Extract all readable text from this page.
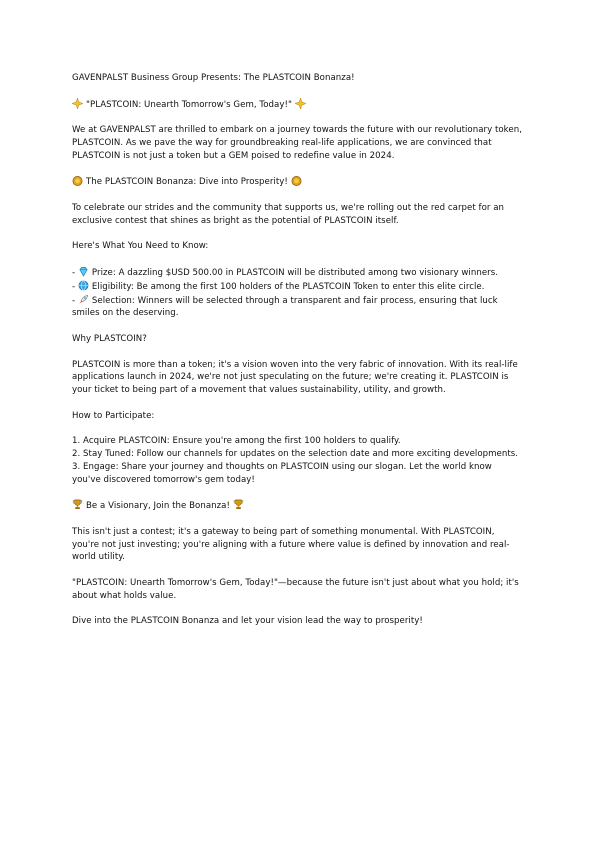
GAVENPALST Business Group Presents: The PLASTCOIN Bonanza!

"PLASTCOIN: Unearth Tomorrow's Gem, Today!"

We at GAVENPALST are thrilled to embark on a journey towards the future with our revolutionary token, PLASTCOIN. As we pave the way for groundbreaking real-life applications, we are convinced that PLASTCOIN is not just a token but a GEM poised to redefine value in 2024.

The PLASTCOIN Bonanza: Dive into Prosperity!

To celebrate our strides and the community that supports us, we're rolling out the red carpet for an exclusive contest that shines as bright as the potential of PLASTCOIN itself.

Here's What You Need to Know:

- Prize: A dazzling $USD 500.00 in PLASTCOIN will be distributed among two visionary winners.
- Eligibility: Be among the first 100 holders of the PLASTCOIN Token to enter this elite circle.
- Selection: Winners will be selected through a transparent and fair process, ensuring that luck smiles on the deserving.

Why PLASTCOIN?

PLASTCOIN is more than a token; it's a vision woven into the very fabric of innovation. With its real-life applications launch in 2024, we're not just speculating on the future; we're creating it. PLASTCOIN is your ticket to being part of a movement that values sustainability, utility, and growth.

How to Participate:

1. Acquire PLASTCOIN: Ensure you're among the first 100 holders to qualify.
2. Stay Tuned: Follow our channels for updates on the selection date and more exciting developments.
3. Engage: Share your journey and thoughts on PLASTCOIN using our slogan. Let the world know you've discovered tomorrow's gem today!

Be a Visionary, Join the Bonanza!

This isn't just a contest; it's a gateway to being part of something monumental. With PLASTCOIN, you're not just investing; you're aligning with a future where value is defined by innovation and real-world utility.

"PLASTCOIN: Unearth Tomorrow's Gem, Today!"—because the future isn't just about what you hold; it's about what holds value.

Dive into the PLASTCOIN Bonanza and let your vision lead the way to prosperity!
